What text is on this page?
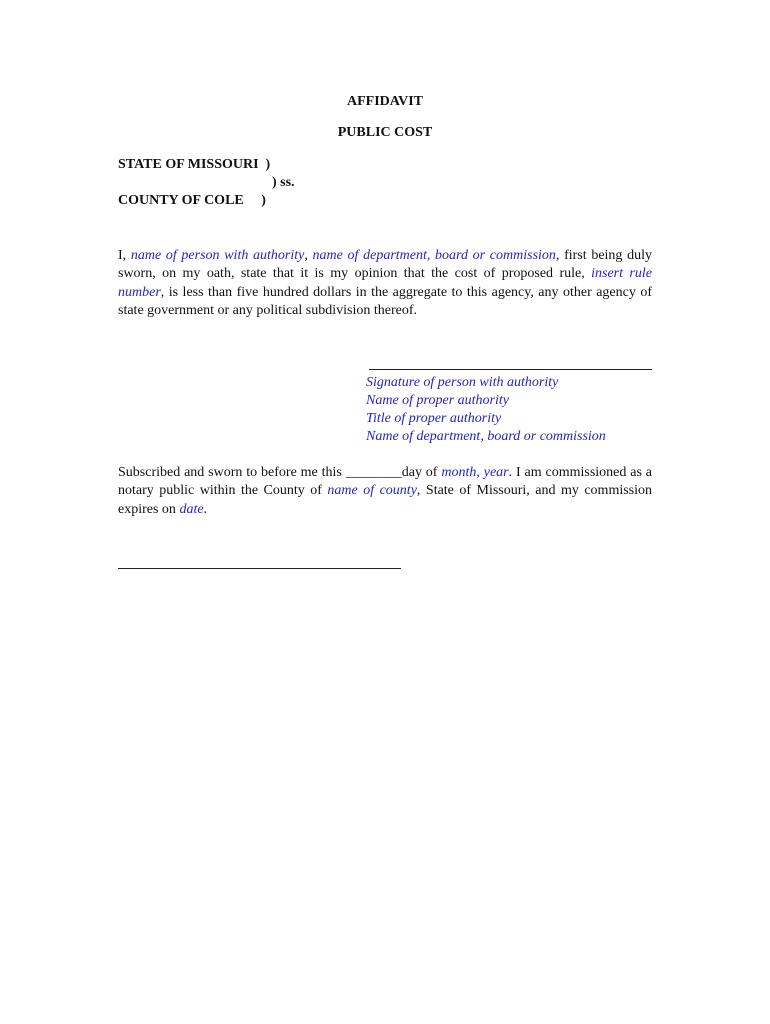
AFFIDAVIT
PUBLIC COST
STATE OF MISSOURI  )
) ss.
COUNTY OF COLE     )
I, name of person with authority, name of department, board or commission, first being duly sworn, on my oath, state that it is my opinion that the cost of proposed rule, insert rule number, is less than five hundred dollars in the aggregate to this agency, any other agency of state government or any political subdivision thereof.
Signature of person with authority
Name of proper authority
Title of proper authority
Name of department, board or commission
Subscribed and sworn to before me this ________day of month, year. I am commissioned as a notary public within the County of name of county, State of Missouri, and my commission expires on date.
